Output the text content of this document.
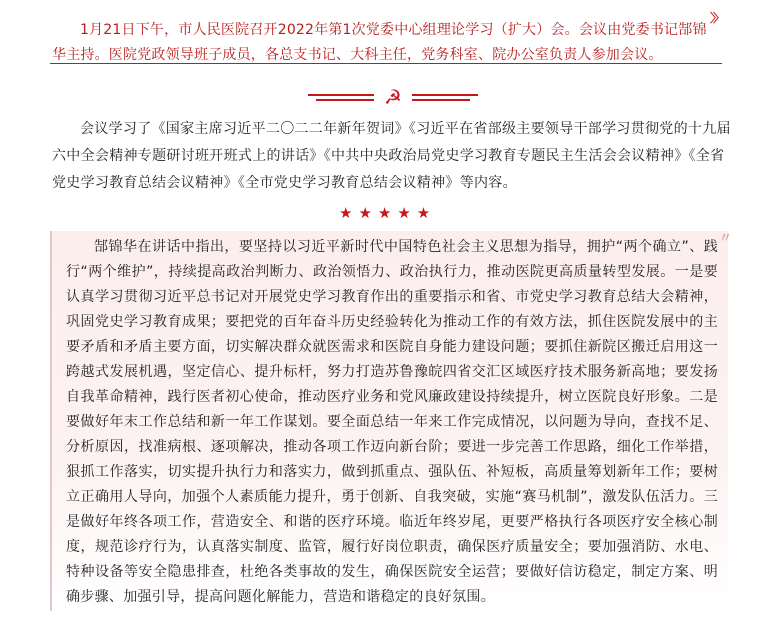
〉〉
1月21日下午，市人民医院召开2022年第1次党委中心组理论学习（扩大）会。会议由党委书记郜锦华主持。医院党政领导班子成员，各总支书记、大科主任，党务科室、院办公室负责人参加会议。
☭
会议学习了《国家主席习近平二〇二二年新年贺词》《习近平在省部级主要领导干部学习贯彻党的十九届六中全会精神专题研讨班开班式上的讲话》《中共中央政治局党史学习教育专题民主生活会会议精神》《全省党史学习教育总结会议精神》《全市党史学习教育总结会议精神》等内容。
★★★★★
〃
郜锦华在讲话中指出，要坚持以习近平新时代中国特色社会主义思想为指导，拥护“两个确立”、践行“两个维护”，持续提高政治判断力、政治领悟力、政治执行力，推动医院更高质量转型发展。一是要认真学习贯彻习近平总书记对开展党史学习教育作出的重要指示和省、市党史学习教育总结大会精神，巩固党史学习教育成果；要把党的百年奋斗历史经验转化为推动工作的有效方法，抓住医院发展中的主要矛盾和矛盾主要方面，切实解决群众就医需求和医院自身能力建设问题；要抓住新院区搬迁启用这一跨越式发展机遇，坚定信心、提升标杆，努力打造苏鲁豫皖四省交汇区域医疗技术服务新高地；要发扬自我革命精神，践行医者初心使命，推动医疗业务和党风廉政建设持续提升，树立医院良好形象。二是要做好年末工作总结和新一年工作谋划。要全面总结一年来工作完成情况，以问题为导向，查找不足、分析原因，找准病根、逐项解决，推动各项工作迈向新台阶；要进一步完善工作思路，细化工作举措，狠抓工作落实，切实提升执行力和落实力，做到抓重点、强队伍、补短板，高质量筹划新年工作；要树立正确用人导向，加强个人素质能力提升，勇于创新、自我突破，实施“赛马机制”，激发队伍活力。三是做好年终各项工作，营造安全、和谐的医疗环境。临近年终岁尾，更要严格执行各项医疗安全核心制度，规范诊疗行为，认真落实制度、监管，履行好岗位职责，确保医疗质量安全；要加强消防、水电、特种设备等安全隐患排查，杜绝各类事故的发生，确保医院安全运营；要做好信访稳定，制定方案、明确步骤、加强引导，提高问题化解能力，营造和谐稳定的良好氛围。
